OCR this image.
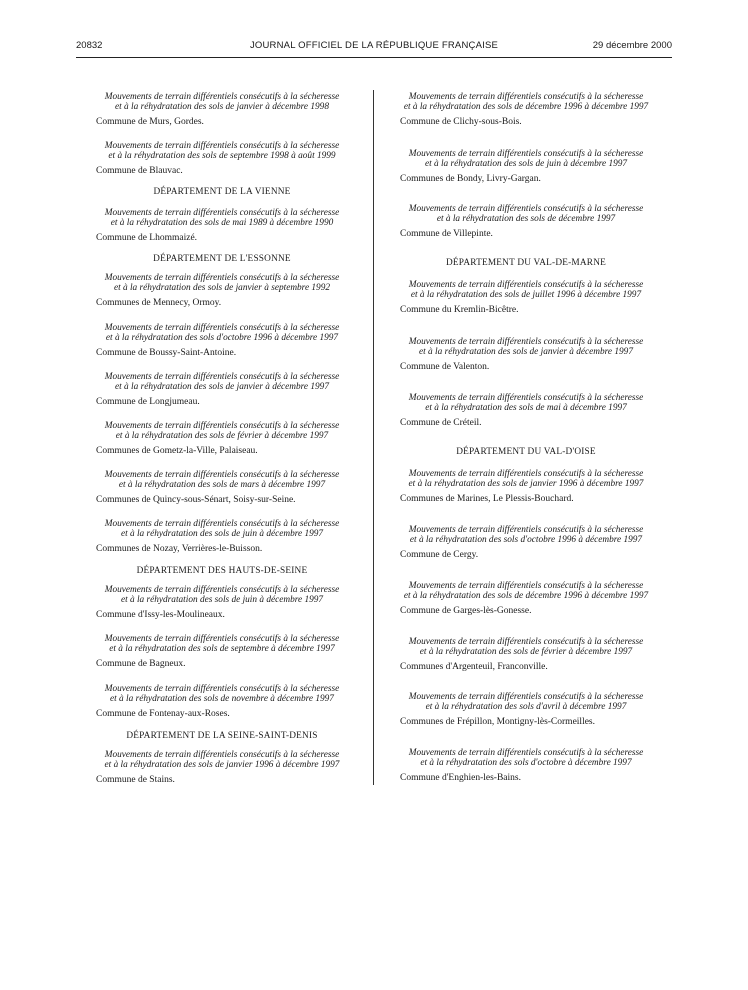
20832	JOURNAL OFFICIEL DE LA RÉPUBLIQUE FRANÇAISE	29 décembre 2000

Mouvements de terrain différentiels consécutifs à la sécheresse
et à la réhydratation des sols de janvier à décembre 1998

Commune de Murs, Gordes.

Mouvements de terrain différentiels consécutifs à la sécheresse
et à la réhydratation des sols de septembre 1998 à août 1999

Commune de Blauvac.

DÉPARTEMENT DE LA VIENNE

Mouvements de terrain différentiels consécutifs à la sécheresse
et à la réhydratation des sols de mai 1989 à décembre 1990

Commune de Lhommaizé.

DÉPARTEMENT DE L'ESSONNE

Mouvements de terrain différentiels consécutifs à la sécheresse
et à la réhydratation des sols de janvier à septembre 1992

Communes de Mennecy, Ormoy.

Mouvements de terrain différentiels consécutifs à la sécheresse
et à la réhydratation des sols d'octobre 1996 à décembre 1997

Commune de Boussy-Saint-Antoine.

Mouvements de terrain différentiels consécutifs à la sécheresse
et à la réhydratation des sols de janvier à décembre 1997

Commune de Longjumeau.

Mouvements de terrain différentiels consécutifs à la sécheresse
et à la réhydratation des sols de février à décembre 1997

Communes de Gometz-la-Ville, Palaiseau.

Mouvements de terrain différentiels consécutifs à la sécheresse
et à la réhydratation des sols de mars à décembre 1997

Communes de Quincy-sous-Sénart, Soisy-sur-Seine.

Mouvements de terrain différentiels consécutifs à la sécheresse
et à la réhydratation des sols de juin à décembre 1997

Communes de Nozay, Verrières-le-Buisson.

DÉPARTEMENT DES HAUTS-DE-SEINE

Mouvements de terrain différentiels consécutifs à la sécheresse
et à la réhydratation des sols de juin à décembre 1997

Commune d'Issy-les-Moulineaux.

Mouvements de terrain différentiels consécutifs à la sécheresse
et à la réhydratation des sols de septembre à décembre 1997

Commune de Bagneux.

Mouvements de terrain différentiels consécutifs à la sécheresse
et à la réhydratation des sols de novembre à décembre 1997

Commune de Fontenay-aux-Roses.

DÉPARTEMENT DE LA SEINE-SAINT-DENIS

Mouvements de terrain différentiels consécutifs à la sécheresse
et à la réhydratation des sols de janvier 1996 à décembre 1997

Commune de Stains.

Mouvements de terrain différentiels consécutifs à la sécheresse
et à la réhydratation des sols de décembre 1996 à décembre 1997

Commune de Clichy-sous-Bois.

Mouvements de terrain différentiels consécutifs à la sécheresse
et à la réhydratation des sols de juin à décembre 1997

Communes de Bondy, Livry-Gargan.

Mouvements de terrain différentiels consécutifs à la sécheresse
et à la réhydratation des sols de décembre 1997

Commune de Villepinte.

DÉPARTEMENT DU VAL-DE-MARNE

Mouvements de terrain différentiels consécutifs à la sécheresse
et à la réhydratation des sols de juillet 1996 à décembre 1997

Commune du Kremlin-Bicêtre.

Mouvements de terrain différentiels consécutifs à la sécheresse
et à la réhydratation des sols de janvier à décembre 1997

Commune de Valenton.

Mouvements de terrain différentiels consécutifs à la sécheresse
et à la réhydratation des sols de mai à décembre 1997

Commune de Créteil.

DÉPARTEMENT DU VAL-D'OISE

Mouvements de terrain différentiels consécutifs à la sécheresse
et à la réhydratation des sols de janvier 1996 à décembre 1997

Communes de Marines, Le Plessis-Bouchard.

Mouvements de terrain différentiels consécutifs à la sécheresse
et à la réhydratation des sols d'octobre 1996 à décembre 1997

Commune de Cergy.

Mouvements de terrain différentiels consécutifs à la sécheresse
et à la réhydratation des sols de décembre 1996 à décembre 1997

Commune de Garges-lès-Gonesse.

Mouvements de terrain différentiels consécutifs à la sécheresse
et à la réhydratation des sols de février à décembre 1997

Communes d'Argenteuil, Franconville.

Mouvements de terrain différentiels consécutifs à la sécheresse
et à la réhydratation des sols d'avril à décembre 1997

Communes de Frépillon, Montigny-lès-Cormeilles.

Mouvements de terrain différentiels consécutifs à la sécheresse
et à la réhydratation des sols d'octobre à décembre 1997

Commune d'Enghien-les-Bains.
